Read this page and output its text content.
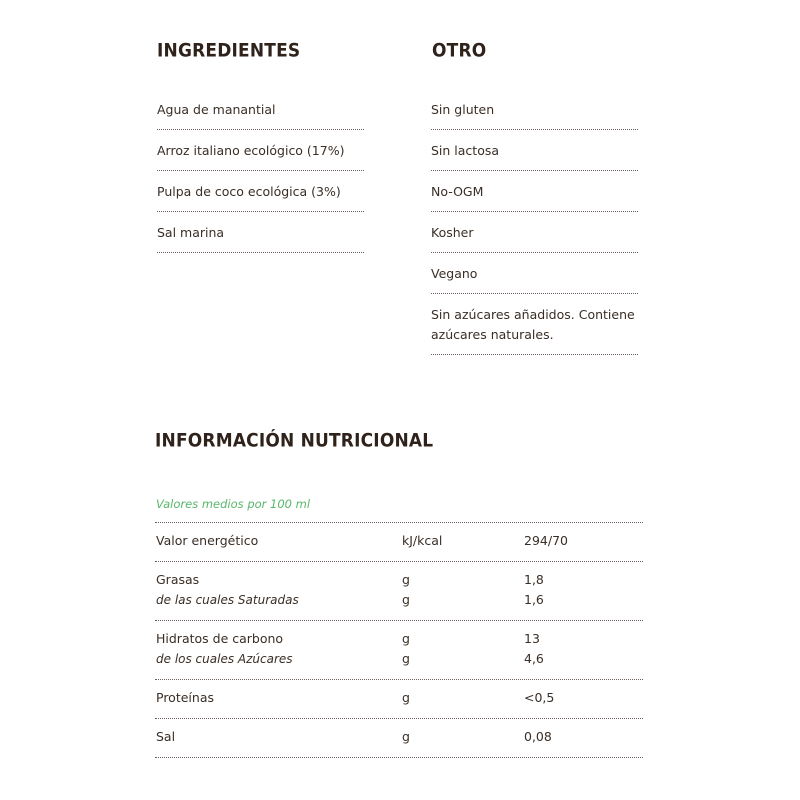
INGREDIENTES	OTRO
Agua de manantial
Arroz italiano ecológico (17%)
Pulpa de coco ecológica (3%)
Sal marina
Sin gluten
Sin lactosa
No-OGM
Kosher
Vegano
Sin azúcares añadidos. Contiene azúcares naturales.
INFORMACIÓN NUTRICIONAL
Valores medios por 100 ml
Valor energético	kJ/kcal	294/70
Grasas	g	1,8
de las cuales Saturadas	g	1,6
Hidratos de carbono	g	13
de los cuales Azúcares	g	4,6
Proteínas	g	<0,5
Sal	g	0,08
